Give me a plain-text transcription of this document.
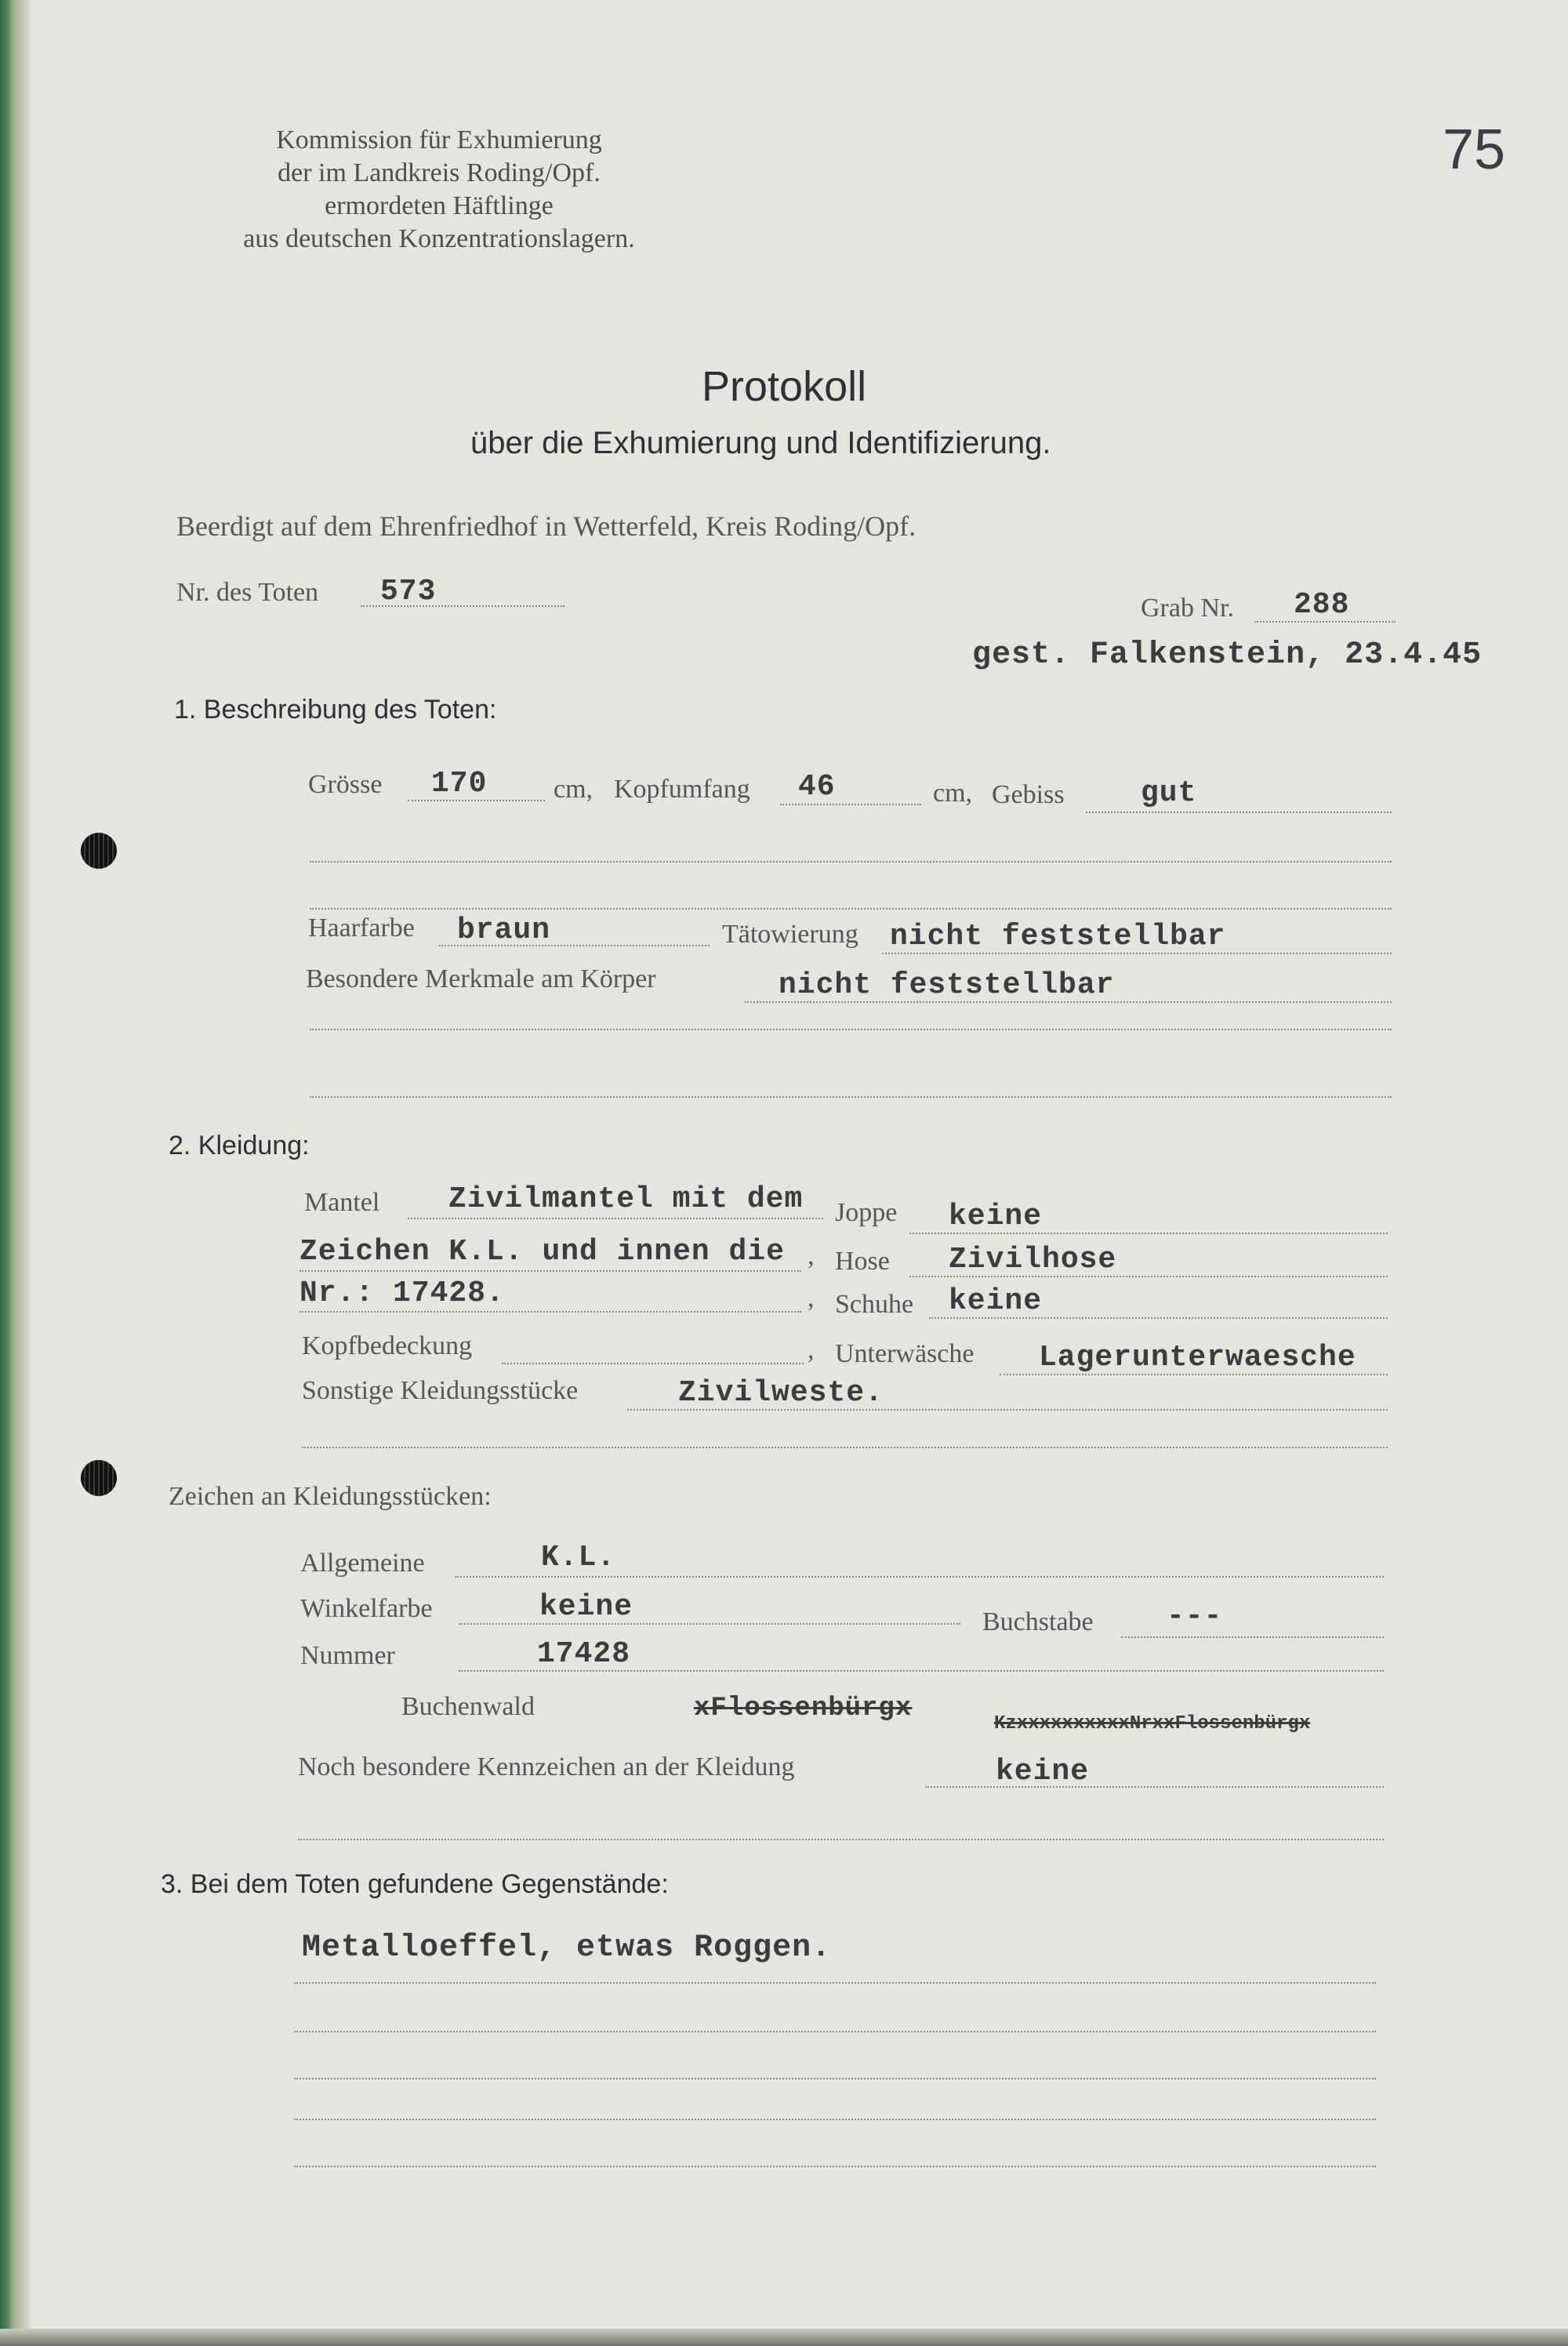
Kommission für Exhumierung
der im Landkreis Roding/Opf.
ermordeten Häftlinge
aus deutschen Konzentrationslagern.
75
Protokoll
über die Exhumierung und Identifizierung.
Beerdigt auf dem Ehrenfriedhof in Wetterfeld, Kreis Roding/Opf.
Nr. des Toten 573	Grab Nr. 288
gest. Falkenstein, 23.4.45
1. Beschreibung des Toten:
Grösse 170 cm, Kopfumfang 46	cm, Gebiss	gut
Haarfarbe braun	Tätowierung nicht feststellbar
Besondere Merkmale am Körper	nicht feststellbar
2. Kleidung:
Mantel Zivilmantel mit dem Joppe keine
Zeichen K.L. und innen die , Hose Zivilhose
Nr.: 17428.	, Schuhe keine
Kopfbedeckung	, Unterwäsche Lagerunterwaesche
Sonstige Kleidungsstücke	Zivilweste.
Zeichen an Kleidungsstücken:
Allgemeine	K.L.
Winkelfarbe	keine	Buchstabe ---
Nummer	17428
Buchenwald	xFlossenbürgx
KzxxxxxxxxxxNrxxFlossenbürgx
Noch besondere Kennzeichen an der Kleidung	keine
3. Bei dem Toten gefundene Gegenstände:
Metalloeffel, etwas Roggen.
